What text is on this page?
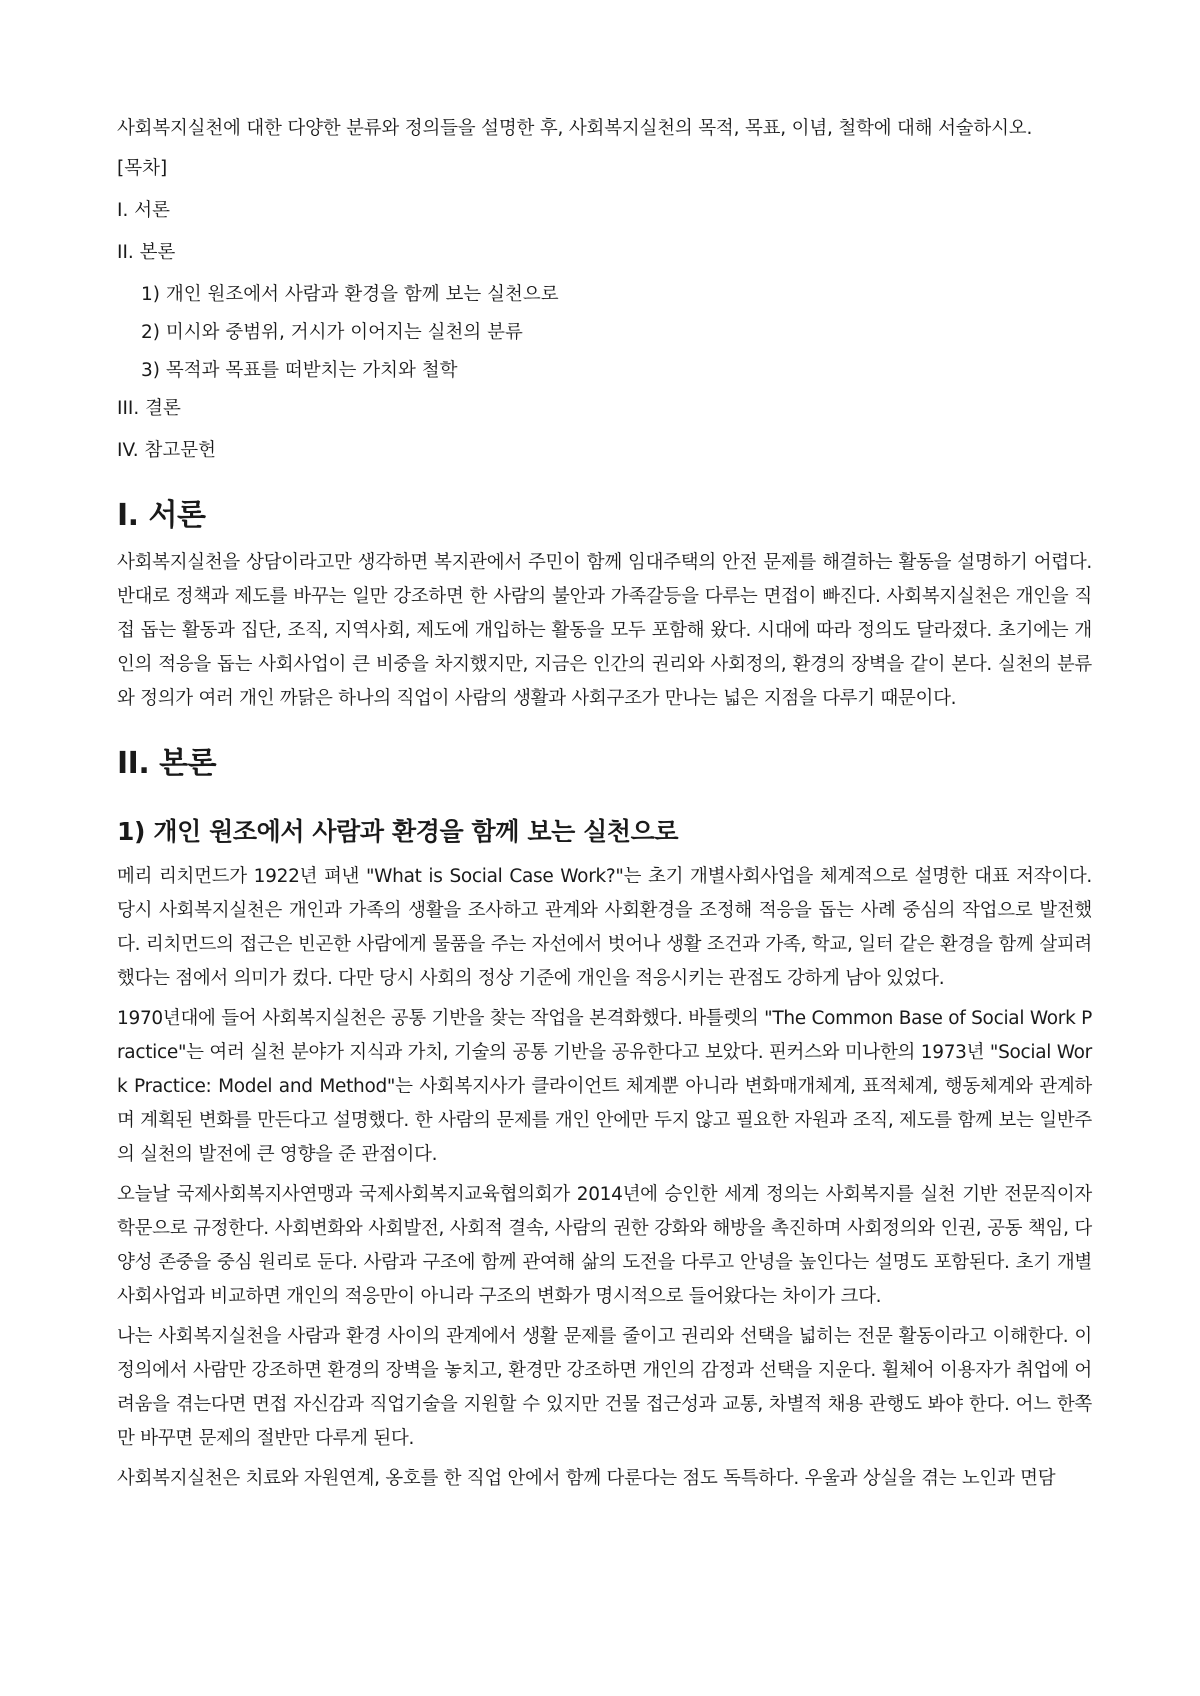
사회복지실천에 대한 다양한 분류와 정의들을 설명한 후, 사회복지실천의 목적, 목표, 이념, 철학에 대해 서술하시오.

[목차]

I. 서론

II. 본론

1) 개인 원조에서 사람과 환경을 함께 보는 실천으로

2) 미시와 중범위, 거시가 이어지는 실천의 분류

3) 목적과 목표를 떠받치는 가치와 철학

III. 결론

IV. 참고문헌

I. 서론

사회복지실천을 상담이라고만 생각하면 복지관에서 주민이 함께 임대주택의 안전 문제를 해결하는 활동을 설명하기 어렵다. 반대로 정책과 제도를 바꾸는 일만 강조하면 한 사람의 불안과 가족갈등을 다루는 면접이 빠진다. 사회복지실천은 개인을 직접 돕는 활동과 집단, 조직, 지역사회, 제도에 개입하는 활동을 모두 포함해 왔다. 시대에 따라 정의도 달라졌다. 초기에는 개인의 적응을 돕는 사회사업이 큰 비중을 차지했지만, 지금은 인간의 권리와 사회정의, 환경의 장벽을 같이 본다. 실천의 분류와 정의가 여러 개인 까닭은 하나의 직업이 사람의 생활과 사회구조가 만나는 넓은 지점을 다루기 때문이다.

II. 본론
1) 개인 원조에서 사람과 환경을 함께 보는 실천으로

메리 리치먼드가 1922년 펴낸 "What is Social Case Work?"는 초기 개별사회사업을 체계적으로 설명한 대표 저작이다. 당시 사회복지실천은 개인과 가족의 생활을 조사하고 관계와 사회환경을 조정해 적응을 돕는 사례 중심의 작업으로 발전했다. 리치먼드의 접근은 빈곤한 사람에게 물품을 주는 자선에서 벗어나 생활 조건과 가족, 학교, 일터 같은 환경을 함께 살피려 했다는 점에서 의미가 컸다. 다만 당시 사회의 정상 기준에 개인을 적응시키는 관점도 강하게 남아 있었다.

1970년대에 들어 사회복지실천은 공통 기반을 찾는 작업을 본격화했다. 바틀렛의 "The Common Base of Social Work Practice"는 여러 실천 분야가 지식과 가치, 기술의 공통 기반을 공유한다고 보았다. 핀커스와 미나한의 1973년 "Social Work Practice: Model and Method"는 사회복지사가 클라이언트 체계뿐 아니라 변화매개체계, 표적체계, 행동체계와 관계하며 계획된 변화를 만든다고 설명했다. 한 사람의 문제를 개인 안에만 두지 않고 필요한 자원과 조직, 제도를 함께 보는 일반주의 실천의 발전에 큰 영향을 준 관점이다.

오늘날 국제사회복지사연맹과 국제사회복지교육협의회가 2014년에 승인한 세계 정의는 사회복지를 실천 기반 전문직이자 학문으로 규정한다. 사회변화와 사회발전, 사회적 결속, 사람의 권한 강화와 해방을 촉진하며 사회정의와 인권, 공동 책임, 다양성 존중을 중심 원리로 둔다. 사람과 구조에 함께 관여해 삶의 도전을 다루고 안녕을 높인다는 설명도 포함된다. 초기 개별사회사업과 비교하면 개인의 적응만이 아니라 구조의 변화가 명시적으로 들어왔다는 차이가 크다.

나는 사회복지실천을 사람과 환경 사이의 관계에서 생활 문제를 줄이고 권리와 선택을 넓히는 전문 활동이라고 이해한다. 이 정의에서 사람만 강조하면 환경의 장벽을 놓치고, 환경만 강조하면 개인의 감정과 선택을 지운다. 휠체어 이용자가 취업에 어려움을 겪는다면 면접 자신감과 직업기술을 지원할 수 있지만 건물 접근성과 교통, 차별적 채용 관행도 봐야 한다. 어느 한쪽만 바꾸면 문제의 절반만 다루게 된다.

사회복지실천은 치료와 자원연계, 옹호를 한 직업 안에서 함께 다룬다는 점도 독특하다. 우울과 상실을 겪는 노인과 면담
